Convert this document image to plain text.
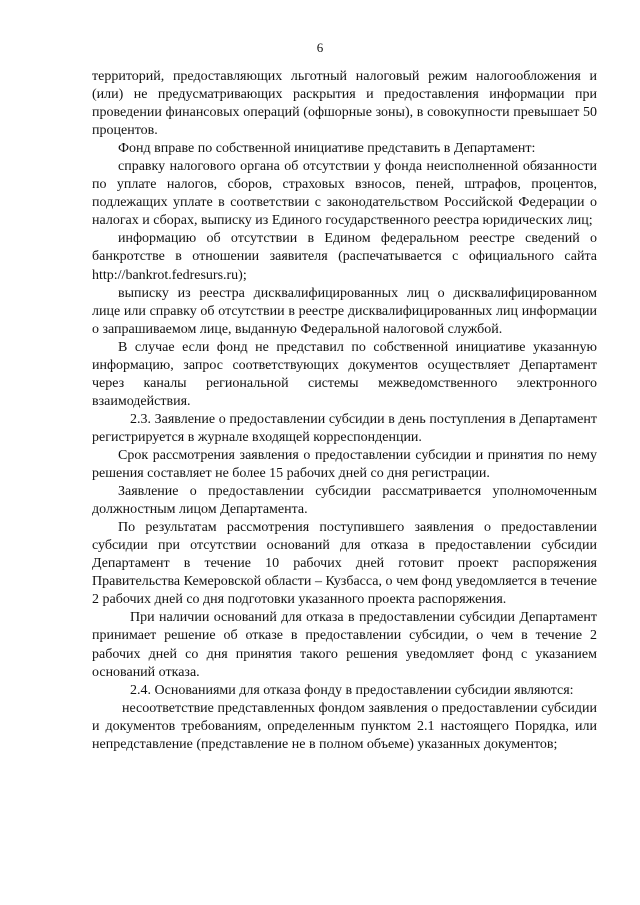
6

территорий, предоставляющих льготный налоговый режим налогообложения и (или) не предусматривающих раскрытия и предоставления информации при проведении финансовых операций (офшорные зоны), в совокупности превышает 50 процентов.

Фонд вправе по собственной инициативе представить в Департамент:

справку налогового органа об отсутствии у фонда неисполненной обязанности по уплате налогов, сборов, страховых взносов, пеней, штрафов, процентов, подлежащих уплате в соответствии с законодательством Российской Федерации о налогах и сборах, выписку из Единого государственного реестра юридических лиц;

информацию об отсутствии в Едином федеральном реестре сведений о банкротстве в отношении заявителя (распечатывается с официального сайта http://bankrot.fedresurs.ru);

выписку из реестра дисквалифицированных лиц о дисквалифицированном лице или справку об отсутствии в реестре дисквалифицированных лиц информации о запрашиваемом лице, выданную Федеральной налоговой службой.

В случае если фонд не представил по собственной инициативе указанную информацию, запрос соответствующих документов осуществляет Департамент через каналы региональной системы межведомственного электронного взаимодействия.

2.3. Заявление о предоставлении субсидии в день поступления в Департамент регистрируется в журнале входящей корреспонденции.

Срок рассмотрения заявления о предоставлении субсидии и принятия по нему решения составляет не более 15 рабочих дней со дня регистрации.

Заявление о предоставлении субсидии рассматривается уполномоченным должностным лицом Департамента.

По результатам рассмотрения поступившего заявления о предоставлении субсидии при отсутствии оснований для отказа в предоставлении субсидии Департамент в течение 10 рабочих дней готовит проект распоряжения Правительства Кемеровской области – Кузбасса, о чем фонд уведомляется в течение 2 рабочих дней со дня подготовки указанного проекта распоряжения.

При наличии оснований для отказа в предоставлении субсидии Департамент принимает решение об отказе в предоставлении субсидии, о чем в течение 2 рабочих дней со дня принятия такого решения уведомляет фонд с указанием оснований отказа.

2.4. Основаниями для отказа фонду в предоставлении субсидии являются:

несоответствие представленных фондом заявления о предоставлении субсидии и документов требованиям, определенным пунктом 2.1 настоящего Порядка, или непредставление (представление не в полном объеме) указанных документов;
